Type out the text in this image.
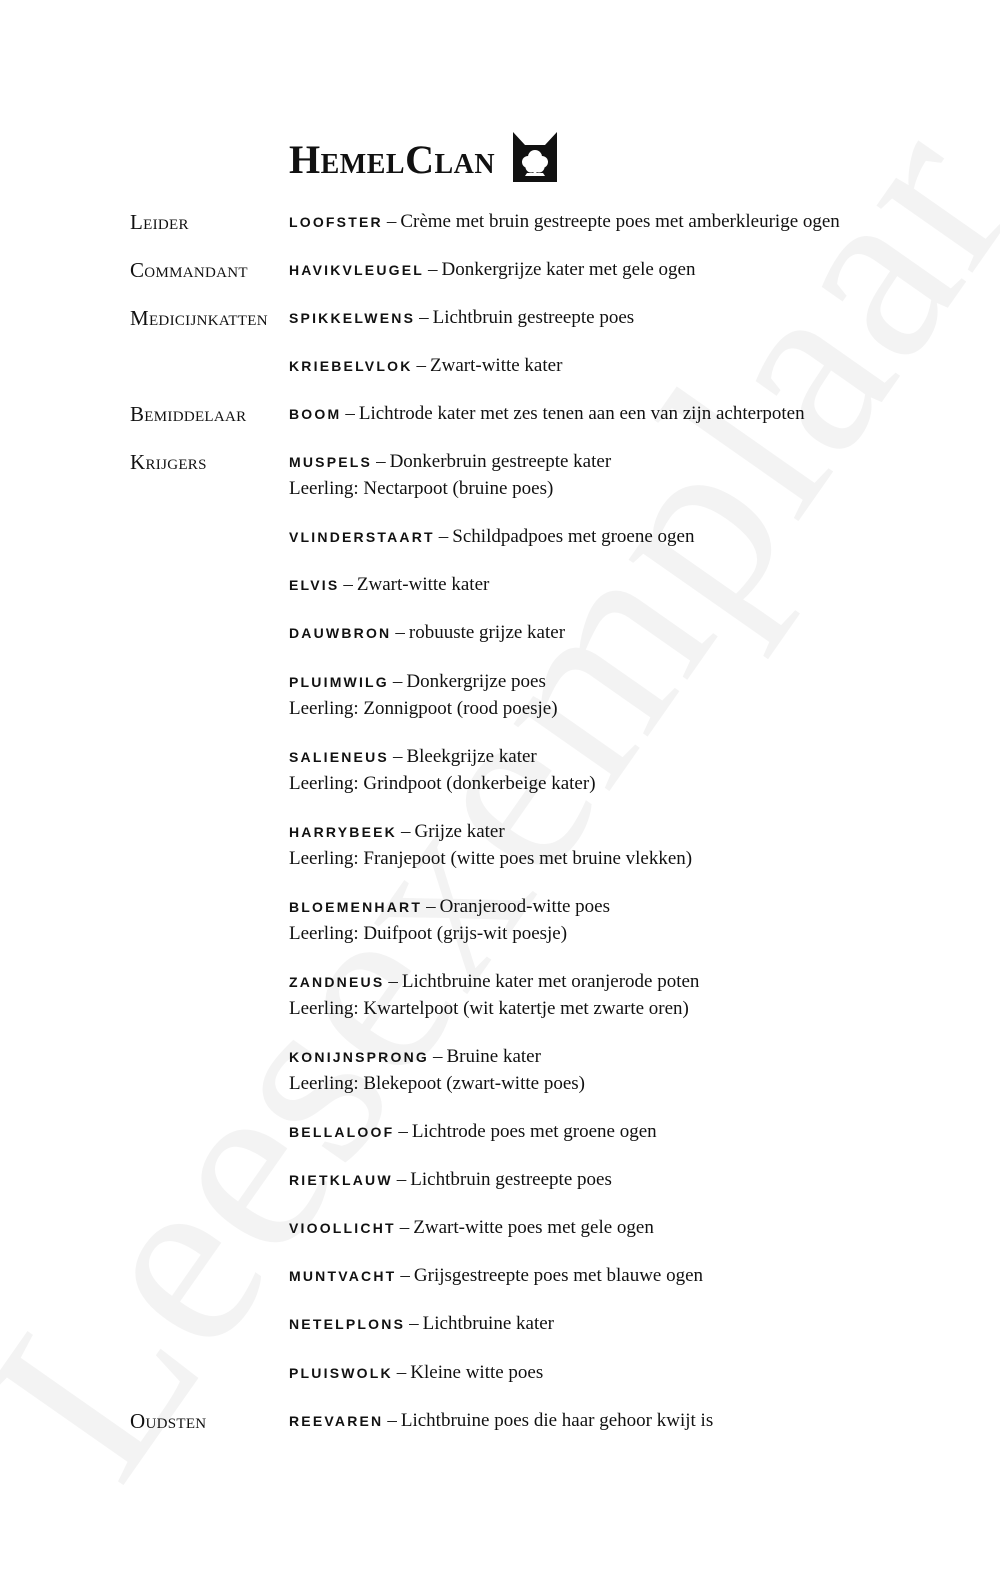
HemelClan
Leider	LOOFSTER – Crème met bruin gestreepte poes met amberkleurige ogen
Commandant	HAVIKVLEUGEL – Donkergrijze kater met gele ogen
Medicijnkatten SPIKKELWENS – Lichtbruin gestreepte poes
KRIEBELVLOK – Zwart-witte kater
Bemiddelaar	BOOM – Lichtrode kater met zes tenen aan een van zijn achterpoten
Krijgers	MUSPELS – Donkerbruin gestreepte kater
Leerling: Nectarpoot (bruine poes)
VLINDERSTAART – Schildpadpoes met groene ogen
ELVIS – Zwart-witte kater
DAUWBRON – robuuste grijze kater
PLUIMWILG – Donkergrijze poes
Leerling: Zonnigpoot (rood poesje)
SALIENEUS – Bleekgrijze kater
Leerling: Grindpoot (donkerbeige kater)
HARRYBEEK – Grijze kater
Leerling: Franjepoot (witte poes met bruine vlekken)
BLOEMENHART – Oranjerood-witte poes
Leerling: Duifpoot (grijs-wit poesje)
ZANDNEUS – Lichtbruine kater met oranjerode poten
Leerling: Kwartelpoot (wit katertje met zwarte oren)
KONIJNSPRONG – Bruine kater
Leerling: Blekepoot (zwart-witte poes)
BELLALOOF – Lichtrode poes met groene ogen
RIETKLAUW – Lichtbruin gestreepte poes
VIOOLLICHT – Zwart-witte poes met gele ogen
MUNTVACHT – Grijsgestreepte poes met blauwe ogen
NETELPLONS – Lichtbruine kater
PLUISWOLK – Kleine witte poes
Oudsten	REEVAREN – Lichtbruine poes die haar gehoor kwijt is
